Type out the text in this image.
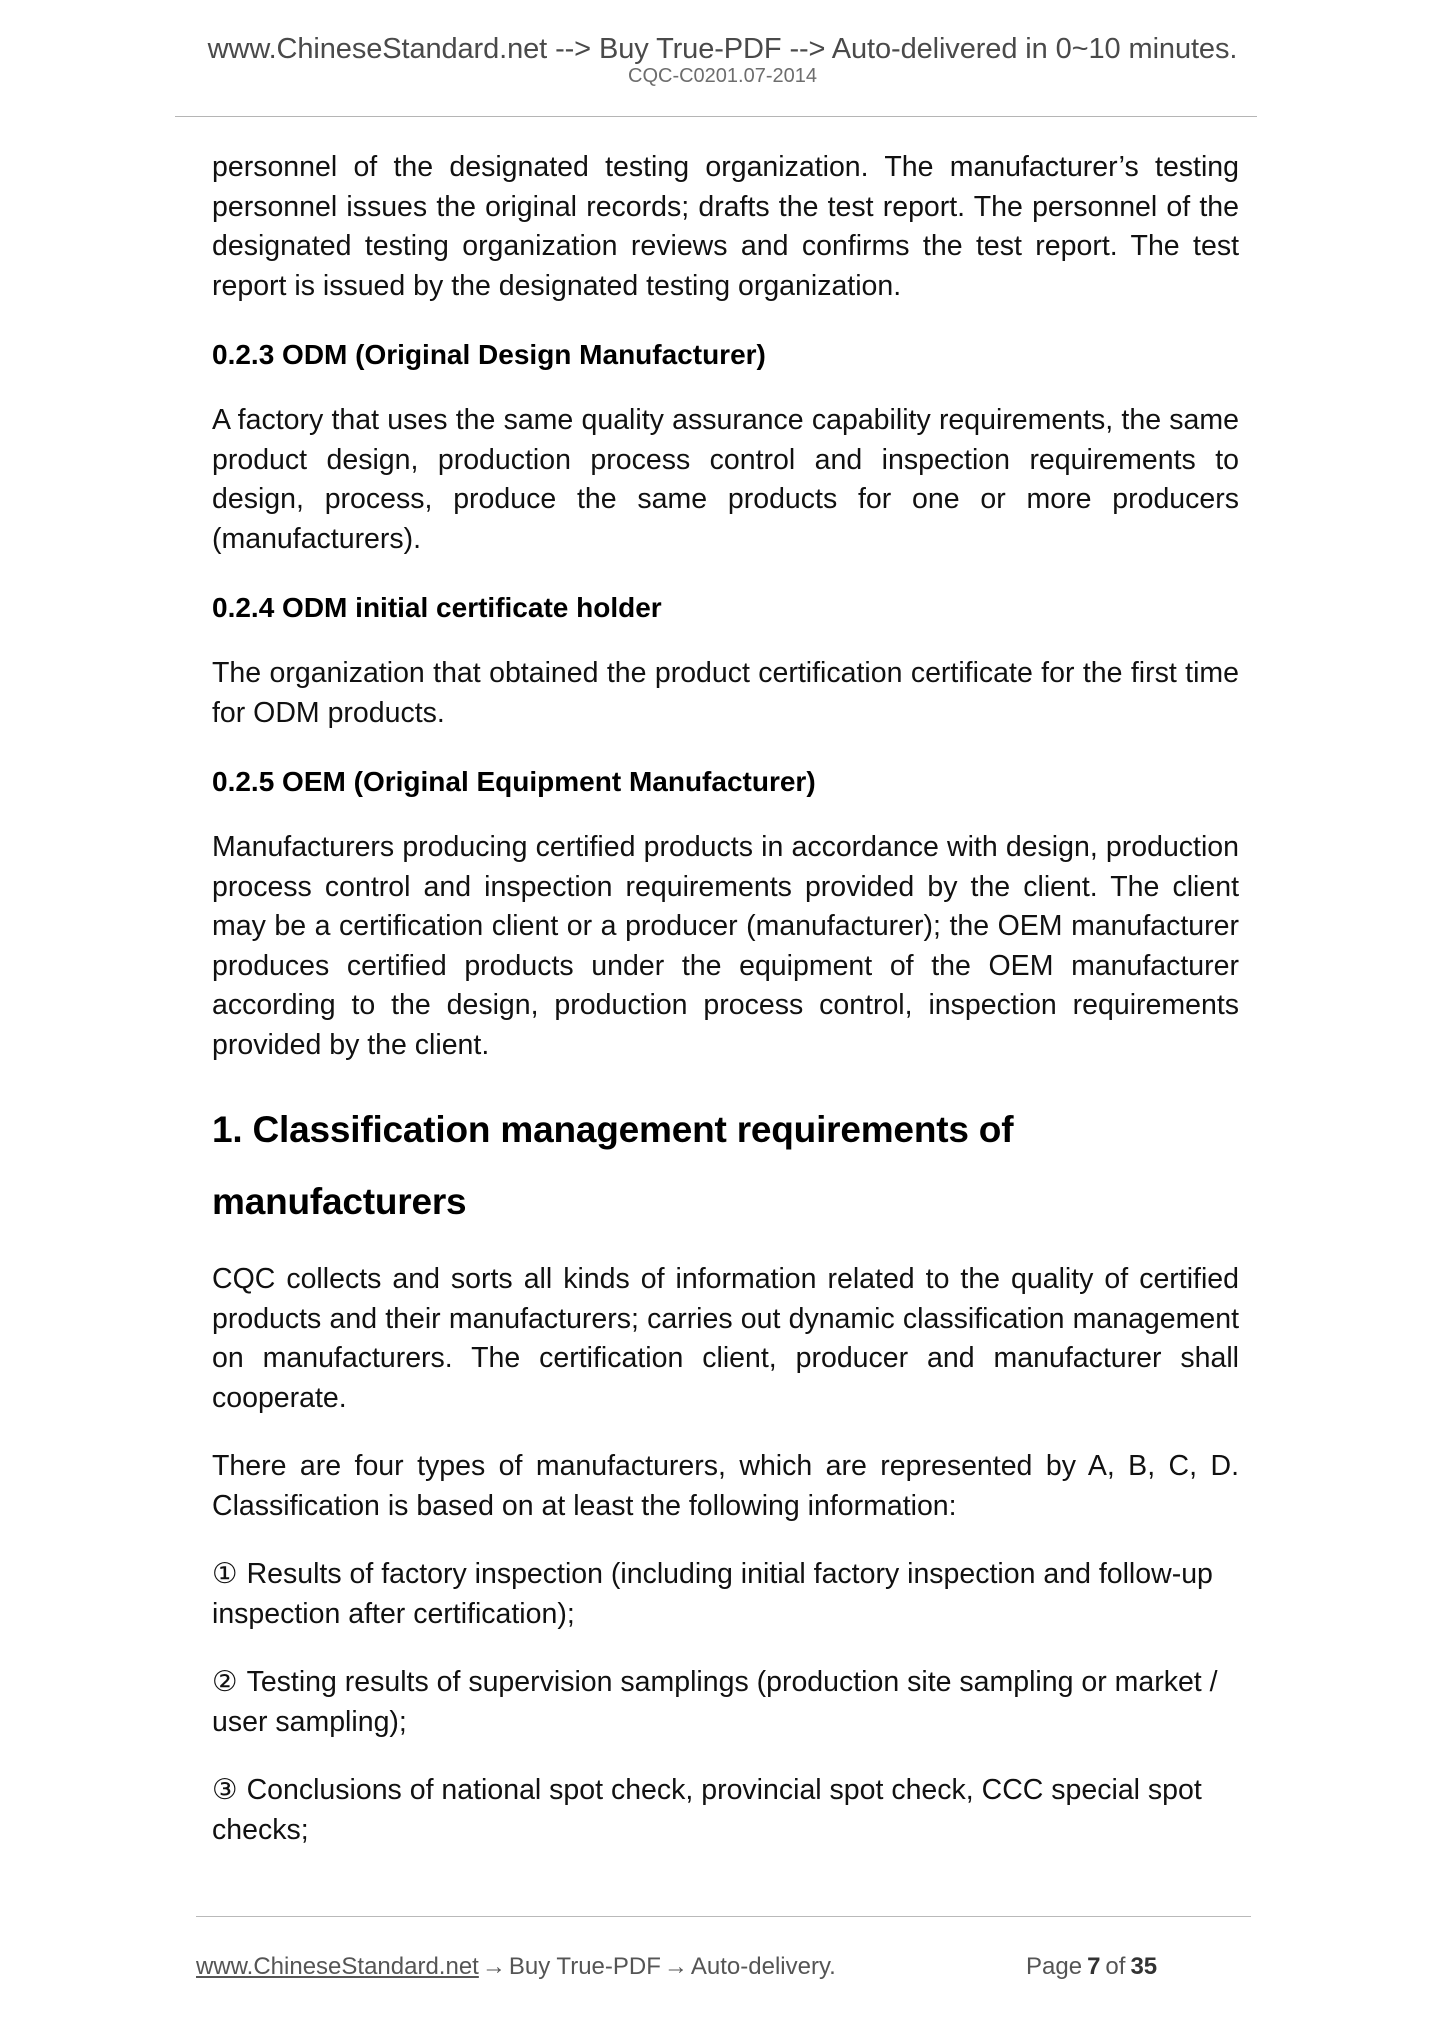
www.ChineseStandard.net --> Buy True-PDF --> Auto-delivered in 0~10 minutes.
CQC-C0201.07-2014

personnel of the designated testing organization. The manufacturer’s testing personnel issues the original records; drafts the test report. The personnel of the designated testing organization reviews and confirms the test report. The test report is issued by the designated testing organization.

0.2.3 ODM (Original Design Manufacturer)

A factory that uses the same quality assurance capability requirements, the same product design, production process control and inspection requirements to design, process, produce the same products for one or more producers (manufacturers).

0.2.4 ODM initial certificate holder

The organization that obtained the product certification certificate for the first time for ODM products.

0.2.5 OEM (Original Equipment Manufacturer)

Manufacturers producing certified products in accordance with design, production process control and inspection requirements provided by the client. The client may be a certification client or a producer (manufacturer); the OEM manufacturer produces certified products under the equipment of the OEM manufacturer according to the design, production process control, inspection requirements provided by the client.

1. Classification management requirements of manufacturers

CQC collects and sorts all kinds of information related to the quality of certified products and their manufacturers; carries out dynamic classification management on manufacturers. The certification client, producer and manufacturer shall cooperate.

There are four types of manufacturers, which are represented by A, B, C, D. Classification is based on at least the following information:

① Results of factory inspection (including initial factory inspection and follow-up inspection after certification);

② Testing results of supervision samplings (production site sampling or market / user sampling);

③ Conclusions of national spot check, provincial spot check, CCC special spot checks;

www.ChineseStandard.net → Buy True-PDF → Auto-delivery.	Page 7 of 35
